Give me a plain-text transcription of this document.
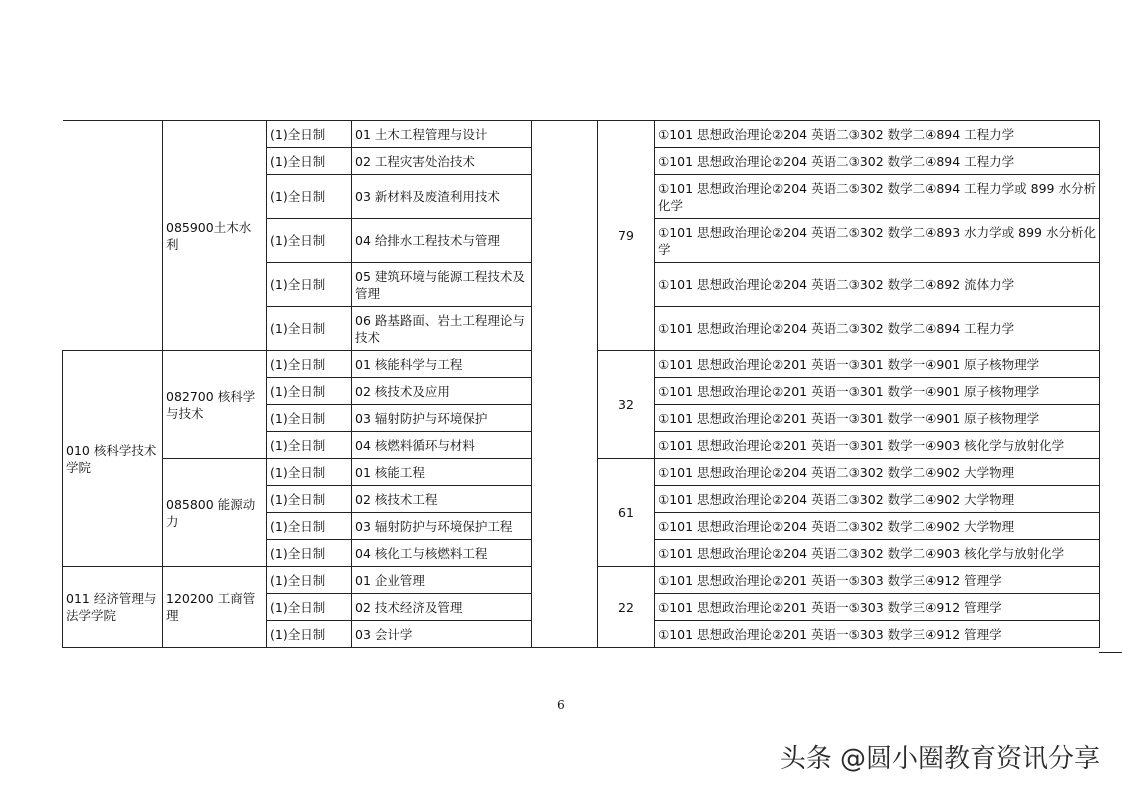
	085900土木水利	(1)全日制	01 土木工程管理与设计		79	①101 思想政治理论②204 英语二③302 数学二④894 工程力学
		(1)全日制	02 工程灾害处治技术			①101 思想政治理论②204 英语二③302 数学二④894 工程力学
		(1)全日制	03 新材料及废渣利用技术			①101 思想政治理论②204 英语二⑤302 数学二④894 工程力学或 899 水分析化学
		(1)全日制	04 给排水工程技术与管理			①101 思想政治理论②204 英语二⑤302 数学二④893 水力学或 899 水分析化学
		(1)全日制	05 建筑环境与能源工程技术及管理			①101 思想政治理论②204 英语二③302 数学二④892 流体力学
		(1)全日制	06 路基路面、岩土工程理论与技术			①101 思想政治理论②204 英语二③302 数学二④894 工程力学
010 核科学技术学院	082700 核科学与技术	(1)全日制	01 核能科学与工程		32	①101 思想政治理论②201 英语一③301 数学一④901 原子核物理学
		(1)全日制	02 核技术及应用			①101 思想政治理论②201 英语一③301 数学一④901 原子核物理学
		(1)全日制	03 辐射防护与环境保护			①101 思想政治理论②201 英语一③301 数学一④901 原子核物理学
		(1)全日制	04 核燃料循环与材料			①101 思想政治理论②201 英语一③301 数学一④903 核化学与放射化学
	085800 能源动力	(1)全日制	01 核能工程		61	①101 思想政治理论②204 英语二③302 数学二④902 大学物理
		(1)全日制	02 核技术工程			①101 思想政治理论②204 英语二③302 数学二④902 大学物理
		(1)全日制	03 辐射防护与环境保护工程			①101 思想政治理论②204 英语二③302 数学二④902 大学物理
		(1)全日制	04 核化工与核燃料工程			①101 思想政治理论②204 英语二③302 数学二④903 核化学与放射化学
011 经济管理与法学学院	120200 工商管理	(1)全日制	01 企业管理		22	①101 思想政治理论②201 英语一⑤303 数学三④912 管理学
		(1)全日制	02 技术经济及管理			①101 思想政治理论②201 英语一⑤303 数学三④912 管理学
		(1)全日制	03 会计学			①101 思想政治理论②201 英语一⑤303 数学三④912 管理学
6
头条 @圆小圈教育资讯分享
